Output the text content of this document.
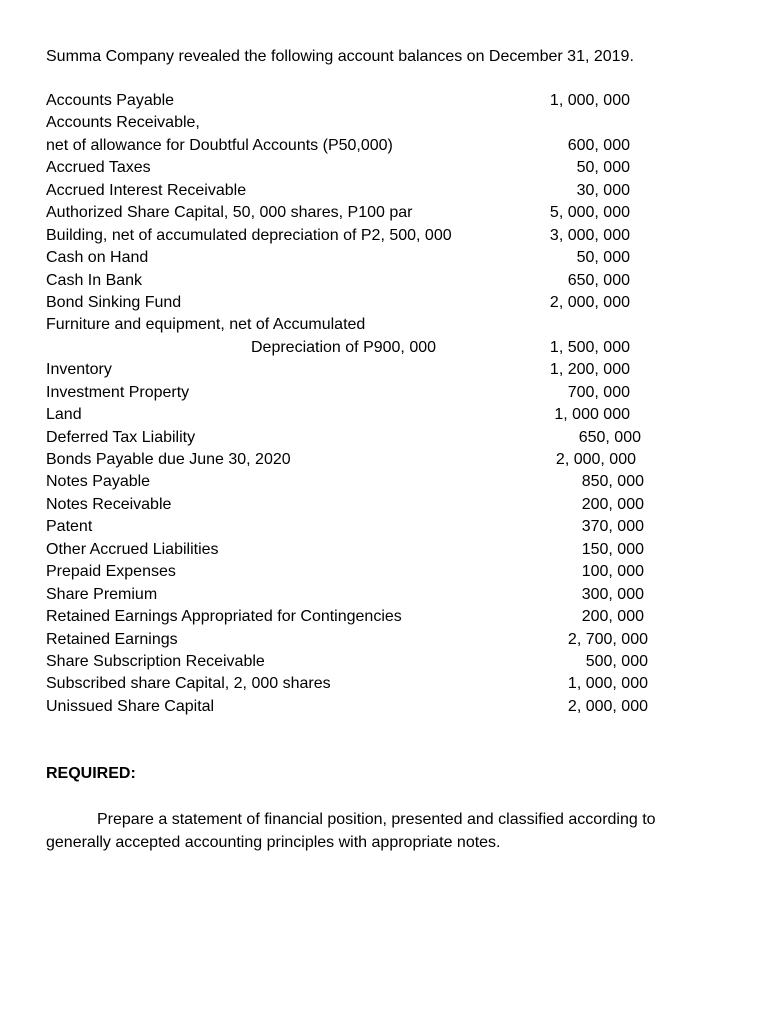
Summa Company revealed the following account balances on December 31, 2019.
Accounts Payable	1, 000, 000
Accounts Receivable,
net of allowance for Doubtful Accounts (P50,000)	600, 000
Accrued Taxes	50, 000
Accrued Interest Receivable	30, 000
Authorized Share Capital, 50, 000 shares, P100 par	5, 000, 000
Building, net of accumulated depreciation of P2, 500, 000	3, 000, 000
Cash on Hand	50, 000
Cash In Bank	650, 000
Bond Sinking Fund	2, 000, 000
Furniture and equipment, net of Accumulated
Depreciation of P900, 000	1, 500, 000
Inventory	1, 200, 000
Investment Property	700, 000
Land	1, 000 000
Deferred Tax Liability	650, 000
Bonds Payable due June 30, 2020	2, 000, 000
Notes Payable	850, 000
Notes Receivable	200, 000
Patent	370, 000
Other Accrued Liabilities	150, 000
Prepaid Expenses	100, 000
Share Premium	300, 000
Retained Earnings Appropriated for Contingencies	200, 000
Retained Earnings	2, 700, 000
Share Subscription Receivable	500, 000
Subscribed share Capital, 2, 000 shares	1, 000, 000
Unissued Share Capital	2, 000, 000
REQUIRED:
Prepare a statement of financial position, presented and classified according to
generally accepted accounting principles with appropriate notes.
